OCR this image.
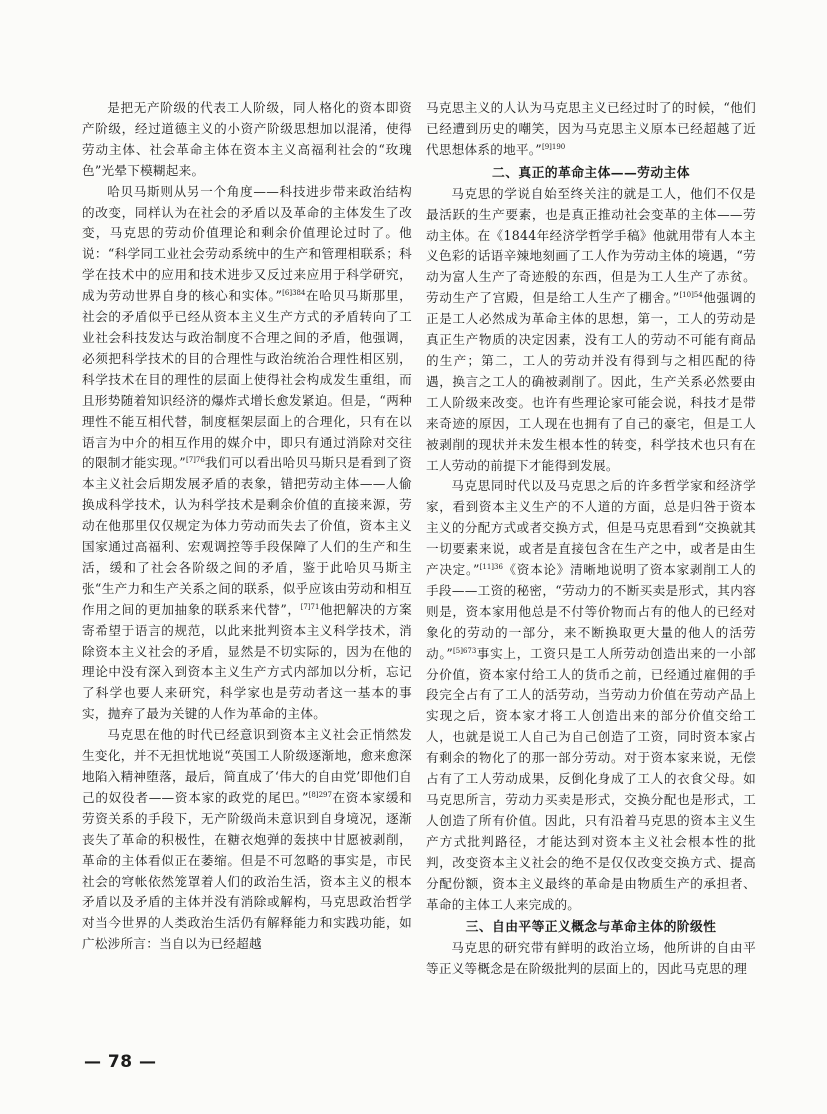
是把无产阶级的代表工人阶级，同人格化的资本即资产阶级，经过道德主义的小资产阶级思想加以混淆，使得劳动主体、社会革命主体在资本主义高福利社会的“玫瑰色”光晕下模糊起来。

哈贝马斯则从另一个角度——科技进步带来政治结构的改变，同样认为在社会的矛盾以及革命的主体发生了改变，马克思的劳动价值理论和剩余价值理论过时了。他说：“科学同工业社会劳动系统中的生产和管理相联系；科学在技术中的应用和技术进步又反过来应用于科学研究，成为劳动世界自身的核心和实体。”$^{[6]384}$在哈贝马斯那里，社会的矛盾似乎已经从资本主义生产方式的矛盾转向了工业社会科技发达与政治制度不合理之间的矛盾，他强调，必须把科学技术的目的合理性与政治统治合理性相区别，科学技术在目的理性的层面上使得社会构成发生重组，而且形势随着知识经济的爆炸式增长愈发紧迫。但是，“两种理性不能互相代替，制度框架层面上的合理化，只有在以语言为中介的相互作用的媒介中，即只有通过消除对交往的限制才能实现。”$^{[7]76}$我们可以看出哈贝马斯只是看到了资本主义社会后期发展矛盾的表象，错把劳动主体——人偷换成科学技术，认为科学技术是剩余价值的直接来源，劳动在他那里仅仅规定为体力劳动而失去了价值，资本主义国家通过高福利、宏观调控等手段保障了人们的生产和生活，缓和了社会各阶级之间的矛盾，鉴于此哈贝马斯主张“生产力和生产关系之间的联系，似乎应该由劳动和相互作用之间的更加抽象的联系来代替”，$^{[7]71}$他把解决的方案寄希望于语言的规范，以此来批判资本主义科学技术，消除资本主义社会的矛盾，显然是不切实际的，因为在他的理论中没有深入到资本主义生产方式内部加以分析，忘记了科学也要人来研究，科学家也是劳动者这一基本的事实，抛弃了最为关键的人作为革命的主体。

马克思在他的时代已经意识到资本主义社会正悄然发生变化，并不无担忧地说“英国工人阶级逐渐地，愈来愈深地陷入精神堕落，最后，简直成了‘伟大的自由党’即他们自己的奴役者——资本家的政党的尾巴。”$^{[8]297}$在资本家缓和劳资关系的手段下，无产阶级尚未意识到自身境况，逐渐丧失了革命的积极性，在糖衣炮弹的轰挟中甘愿被剥削，革命的主体看似正在萎缩。但是不可忽略的事实是，市民社会的穹帐依然笼罩着人们的政治生活，资本主义的根本矛盾以及矛盾的主体并没有消除或解构，马克思政治哲学对当今世界的人类政治生活仍有解释能力和实践功能，如广松涉所言：当自以为已经超越

马克思主义的人认为马克思主义已经过时了的时候，“他们已经遭到历史的嘲笑，因为马克思主义原本已经超越了近代思想体系的地平。”$^{[9]190}$

二、真正的革命主体——劳动主体

马克思的学说自始至终关注的就是工人，他们不仅是最活跃的生产要素，也是真正推动社会变革的主体——劳动主体。在《1844年经济学哲学手稿》他就用带有人本主义色彩的话语辛辣地刻画了工人作为劳动主体的境遇，“劳动为富人生产了奇迹般的东西，但是为工人生产了赤贫。劳动生产了宫殿，但是给工人生产了棚舍。”$^{[10]54}$他强调的正是工人必然成为革命主体的思想，第一，工人的劳动是真正生产物质的决定因素，没有工人的劳动不可能有商品的生产；第二，工人的劳动并没有得到与之相匹配的待遇，换言之工人的确被剥削了。因此，生产关系必然要由工人阶级来改变。也许有些理论家可能会说，科技才是带来奇迹的原因，工人现在也拥有了自己的豪宅，但是工人被剥削的现状并未发生根本性的转变，科学技术也只有在工人劳动的前提下才能得到发展。

马克思同时代以及马克思之后的许多哲学家和经济学家，看到资本主义生产的不人道的方面，总是归咎于资本主义的分配方式或者交换方式，但是马克思看到“交换就其一切要素来说，或者是直接包含在生产之中，或者是由生产决定。”$^{[11]36}$《资本论》清晰地说明了资本家剥削工人的手段——工资的秘密，“劳动力的不断买卖是形式，其内容则是，资本家用他总是不付等价物而占有的他人的已经对象化的劳动的一部分，来不断换取更大量的他人的活劳动。”$^{[5]673}$事实上，工资只是工人所劳动创造出来的一小部分价值，资本家付给工人的货币之前，已经通过雇佣的手段完全占有了工人的活劳动，当劳动力价值在劳动产品上实现之后，资本家才将工人创造出来的部分价值交给工人，也就是说工人自己为自己创造了工资，同时资本家占有剩余的物化了的那一部分劳动。对于资本家来说，无偿占有了工人劳动成果，反倒化身成了工人的衣食父母。如马克思所言，劳动力买卖是形式，交换分配也是形式，工人创造了所有价值。因此，只有沿着马克思的资本主义生产方式批判路径，才能达到对资本主义社会根本性的批判，改变资本主义社会的绝不是仅仅改变交换方式、提高分配份额，资本主义最终的革命是由物质生产的承担者、革命的主体工人来完成的。

三、自由平等正义概念与革命主体的阶级性

马克思的研究带有鲜明的政治立场，他所讲的自由平等正义等概念是在阶级批判的层面上的，因此马克思的理

— 78 —
